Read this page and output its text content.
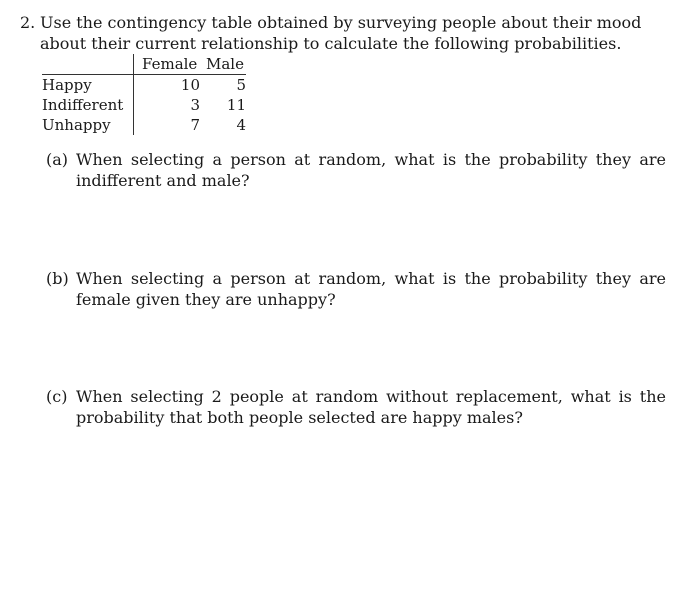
2. Use the contingency table obtained by surveying people about their mood about their current relationship to calculate the following probabilities.
	Female	Male
Happy	10	5
Indifferent	3	11
Unhappy	7	4
(a) When selecting a person at random, what is the probability they are indifferent and male?
(b) When selecting a person at random, what is the probability they are female given they are unhappy?
(c) When selecting 2 people at random without replacement, what is the probability that both people selected are happy males?
